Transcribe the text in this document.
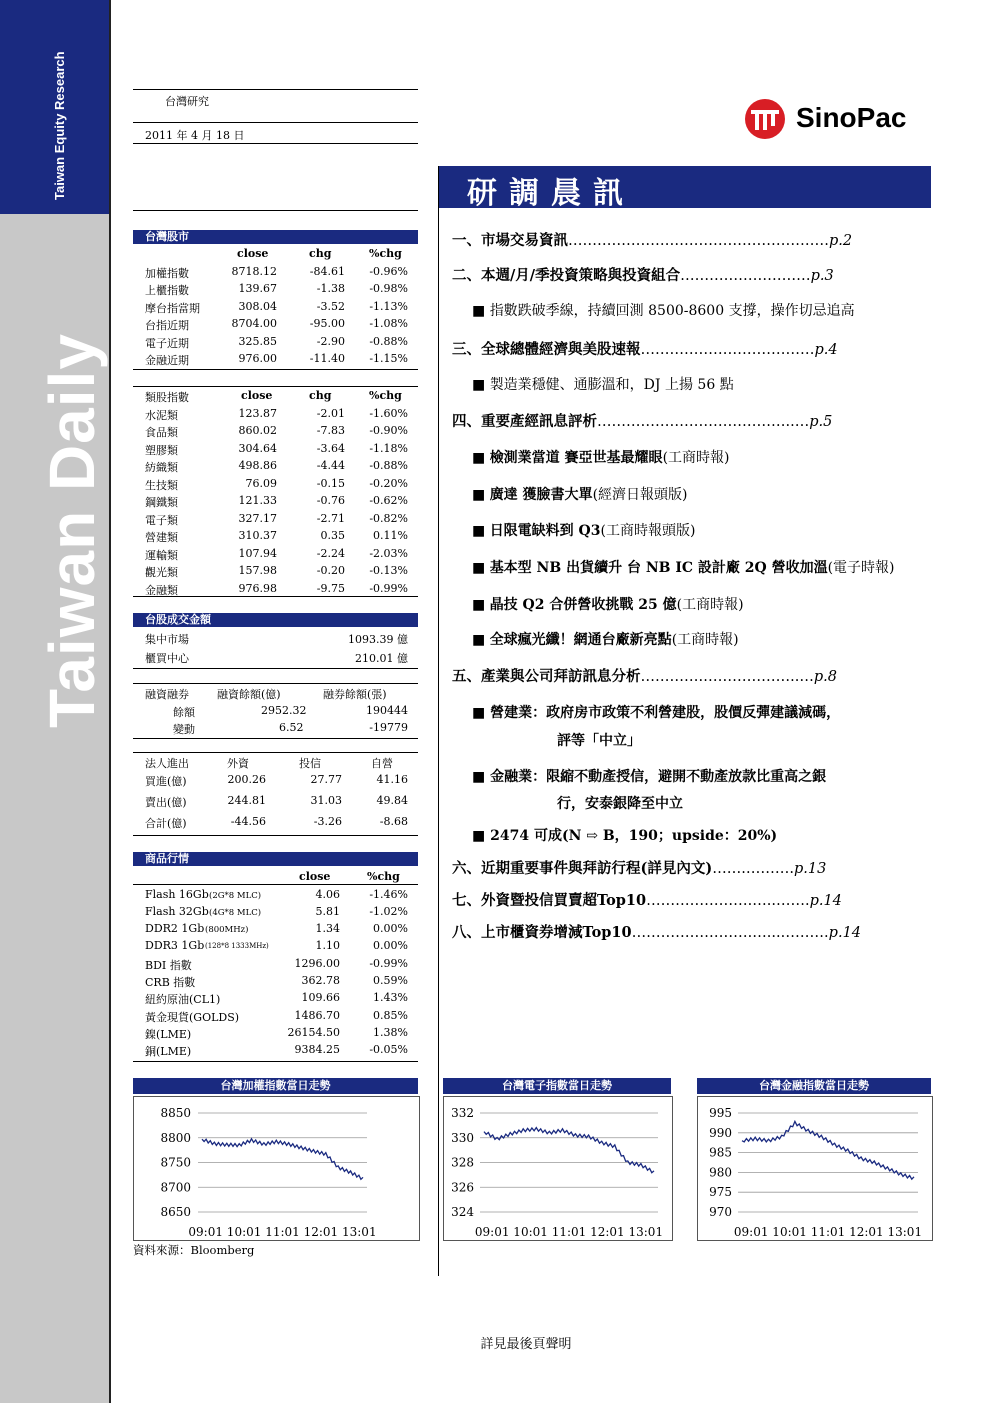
Taiwan Equity Research
Taiwan Daily
台灣研究
2011 年 4 月 18 日
SinoPac
研調晨訊
台灣股市
close	chg	%chg
加權指數	8718.12	-84.61 -0.96%
上櫃指數	139.67	-1.38 -0.98%
摩台指當期	308.04	-3.52 -1.13%
台指近期	8704.00	-95.00 -1.08%
電子近期	325.85	-2.90 -0.88%
金融近期	976.00	-11.40 -1.15%
類股指數	close	chg	%chg
水泥類	123.87	-2.01 -1.60%
食品類	860.02	-7.83 -0.90%
塑膠類	304.64	-3.64 -1.18%
紡織類	498.86	-4.44 -0.88%
生技類	76.09	-0.15 -0.20%
鋼鐵類	121.33	-0.76 -0.62%
電子類	327.17	-2.71 -0.82%
營建類	310.37	0.35	0.11%
運輸類	107.94	-2.24 -2.03%
觀光類	157.98	-0.20 -0.13%
金融類	976.98	-9.75 -0.99%
台股成交金額
集中市場	1093.39 億
櫃買中心	210.01 億
融資融券	融資餘額(億)	融券餘額(張)
餘額	2952.32	190444
變動	6.52	-19779
法人進出	外資	投信	自營
買進(億)	200.26	27.77	41.16
賣出(億)	244.81	31.03	49.84
合計(億)	-44.56	-3.26	-8.68
商品行情
close	%chg
Flash 16Gb (2G*8 MLC)	4.06	-1.46%
Flash 32Gb (4G*8 MLC)	5.81	-1.02%
DDR2 1Gb (800MHz)	1.34	0.00%
DDR3 1Gb (128*8 1333MHz)	1.10	0.00%
BDI 指數	1296.00	-0.99%
CRB 指數	362.78	0.59%
紐約原油(CL1)	109.66	1.43%
黃金現貨(GOLDS)	1486.70	0.85%
鎳(LME)	26154.50	1.38%
銅(LME)	9384.25	-0.05%
一、市場交易資訊………………………………………………p.2
二、本週/月/季投資策略與投資組合………………………p.3
三、全球總體經濟與美股速報………………………………p.4
四、重要產經訊息評析…………………………………..…p.5
五、產業與公司拜訪訊息分析………….………………..…p.8
六、近期重要事件與拜訪行程(詳見內文)…….……….p.13
七、外資暨投信買賣超Top10………………….…..…….p.14
八、上市櫃資券增減Top10…………………….…...……….p.14
■ 指數跌破季線，持續回測 8500-8600 支撐，操作切忌追高
■ 製造業穩健、通膨溫和，DJ 上揚 56 點
■ 檢測業當道 賽亞世基最耀眼(工商時報)
■ 廣達 獲臉書大單(經濟日報頭版)
■ 日限電缺料到 Q3(工商時報頭版)
■ 基本型 NB 出貨續升 台 NB IC 設計廠 2Q 營收加溫(電子時報)
■ 晶技 Q2 合併營收挑戰 25 億(工商時報)
■ 全球瘋光纖！網通台廠新亮點(工商時報)
■ 營建業：政府房市政策不利營建股，股價反彈建議減碼，
評等「中立」
■ 金融業：限縮不動產授信，避開不動產放款比重高之銀
行，安泰銀降至中立
■ 2474 可成(N ⇨ B，190；upside：20%)
台灣加權指數當日走勢
8850
8800
8750
8700
8650
09:01 10:01 11:01 12:01 13:01
台灣電子指數當日走勢
332
330
328
326
324
09:01 10:01 11:01 12:01 13:01
台灣金融指數當日走勢
995
990
985
980
975
970
09:01 10:01 11:01 12:01 13:01
資料來源：Bloomberg
詳見最後頁聲明
